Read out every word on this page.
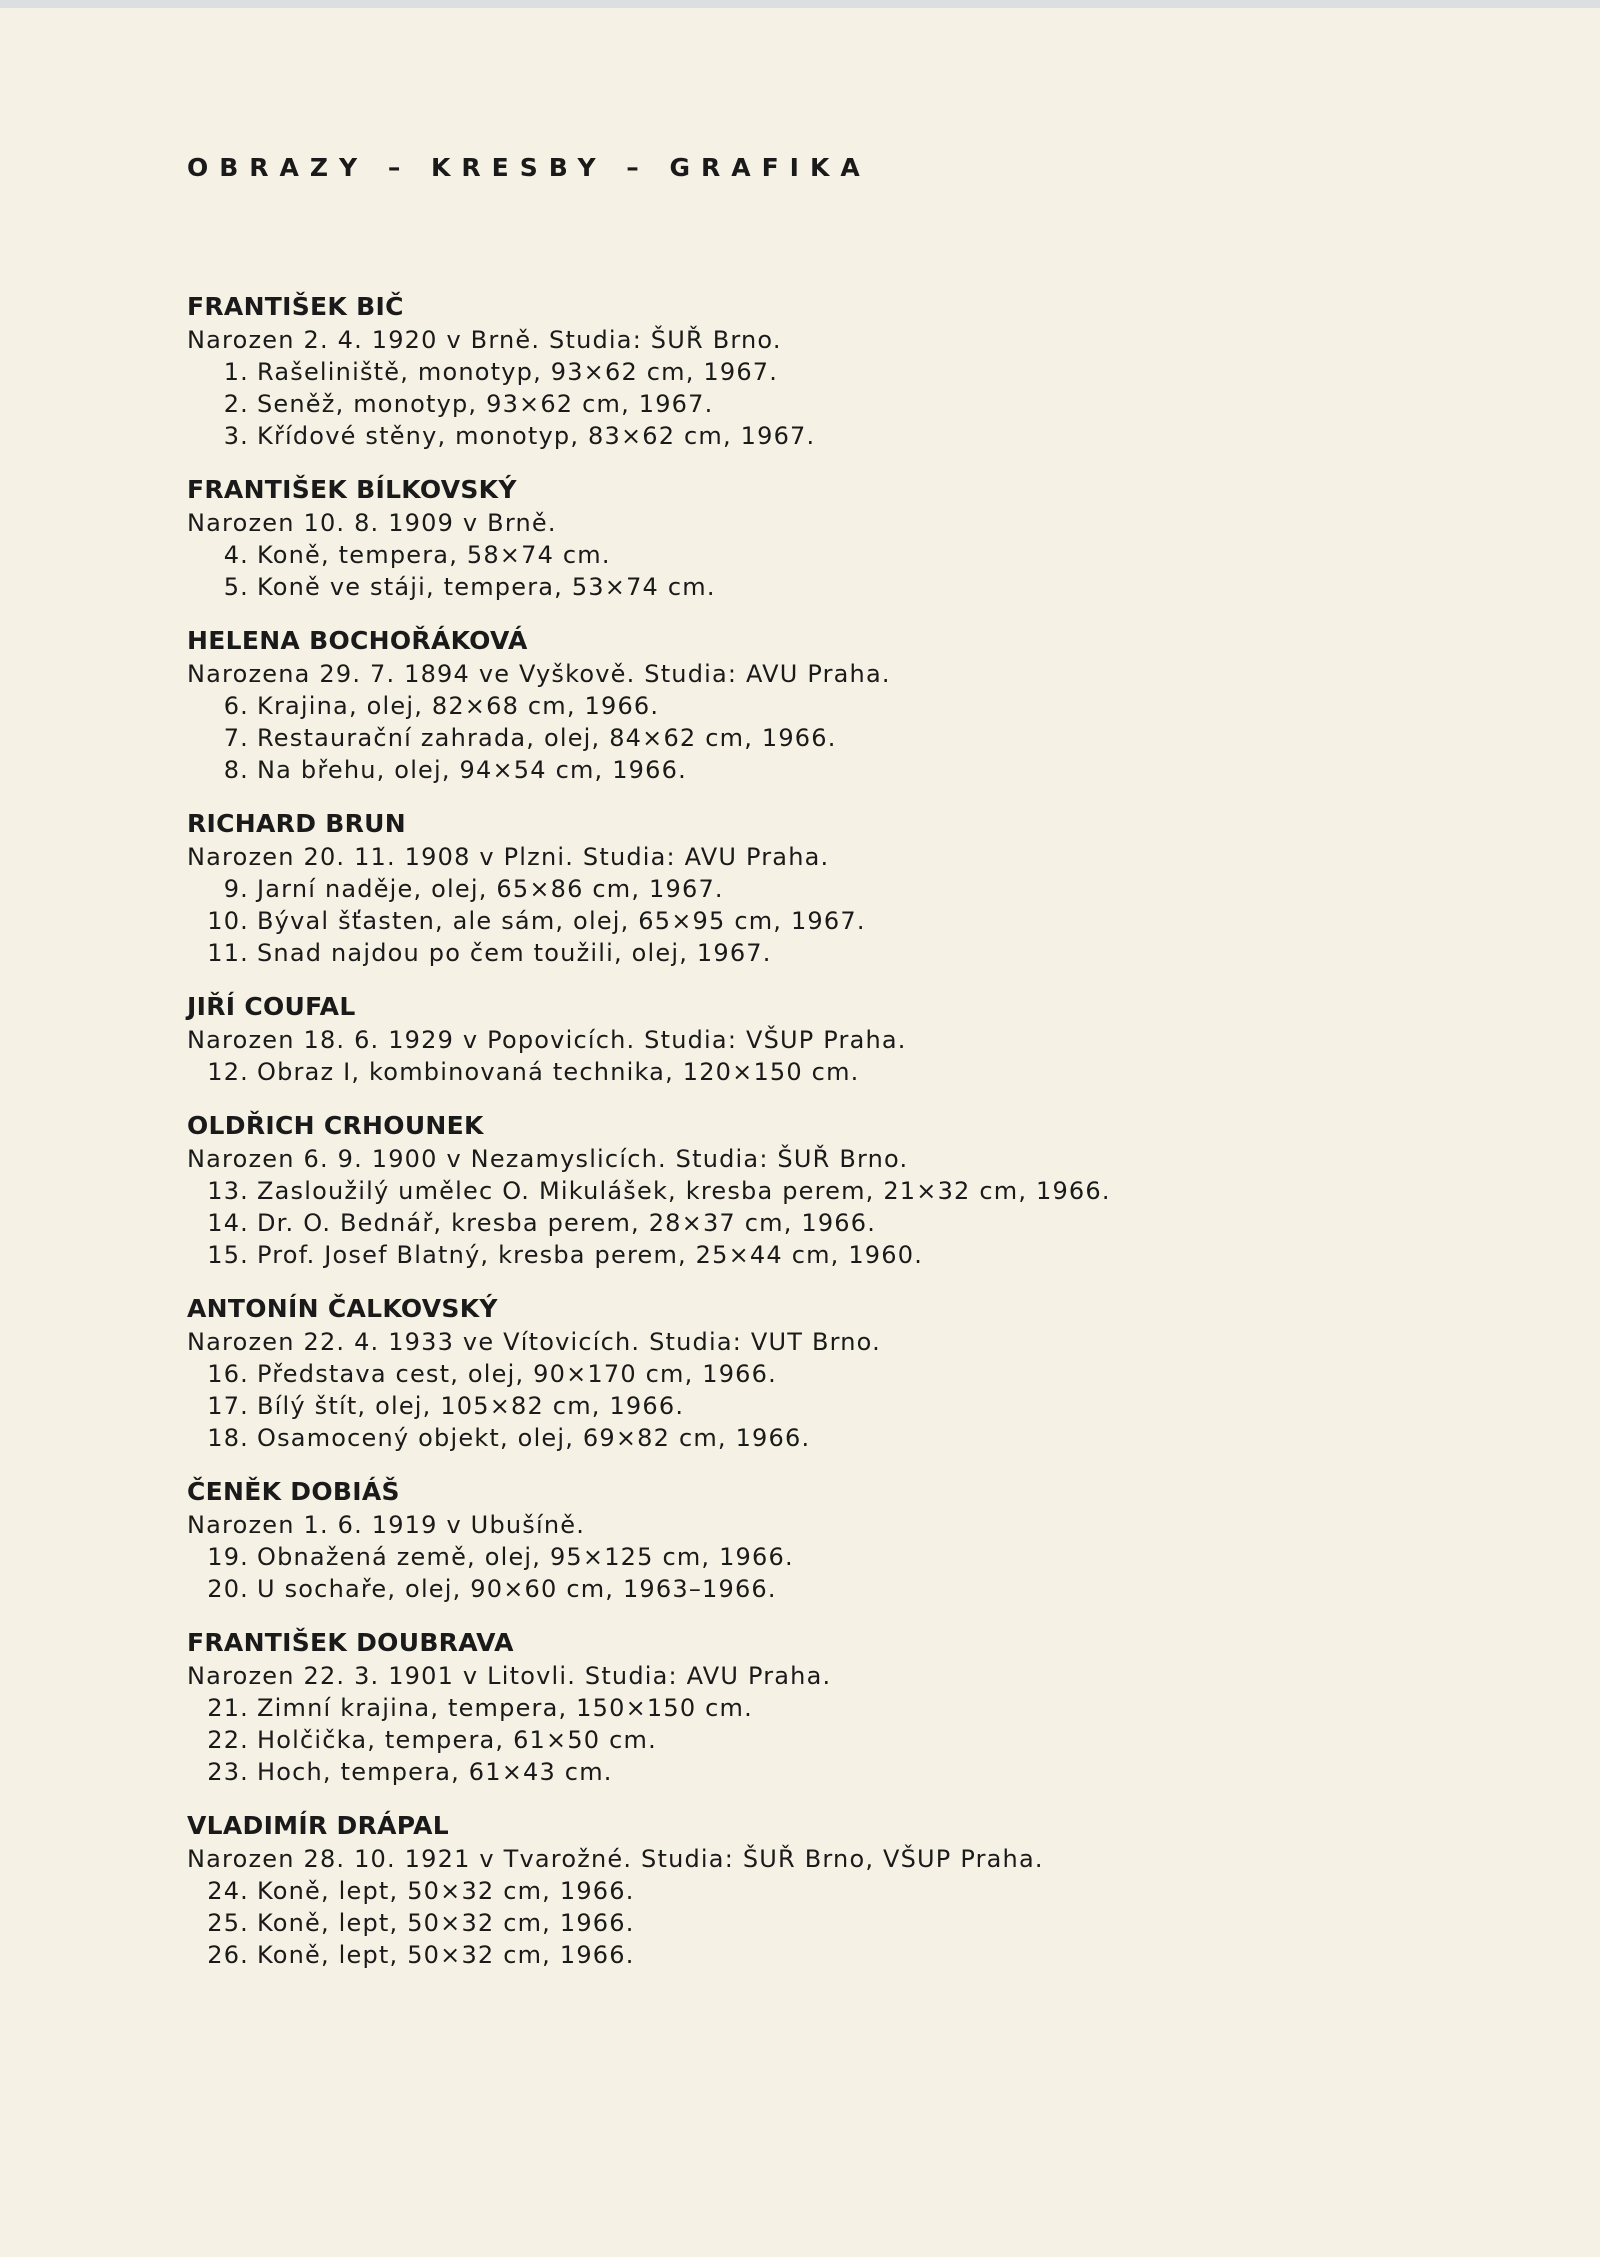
OBRAZY – KRESBY – GRAFIKA
FRANTIŠEK BIČ

Narozen 2. 4. 1920 v Brně. Studia: ŠUŘ Brno.

1. Rašeliniště, monotyp, 93×62 cm, 1967.
2. Seněž, monotyp, 93×62 cm, 1967.
3. Křídové stěny, monotyp, 83×62 cm, 1967.
FRANTIŠEK BÍLKOVSKÝ

Narozen 10. 8. 1909 v Brně.

4. Koně, tempera, 58×74 cm.
5. Koně ve stáji, tempera, 53×74 cm.
HELENA BOCHOŘÁKOVÁ

Narozena 29. 7. 1894 ve Vyškově. Studia: AVU Praha.

6. Krajina, olej, 82×68 cm, 1966.
7. Restaurační zahrada, olej, 84×62 cm, 1966.
8. Na břehu, olej, 94×54 cm, 1966.
RICHARD BRUN

Narozen 20. 11. 1908 v Plzni. Studia: AVU Praha.

9. Jarní naděje, olej, 65×86 cm, 1967.
10. Býval šťasten, ale sám, olej, 65×95 cm, 1967.
11. Snad najdou po čem toužili, olej, 1967.
JIŘÍ COUFAL

Narozen 18. 6. 1929 v Popovicích. Studia: VŠUP Praha.

12. Obraz I, kombinovaná technika, 120×150 cm.
OLDŘICH CRHOUNEK

Narozen 6. 9. 1900 v Nezamyslicích. Studia: ŠUŘ Brno.

13. Zasloužilý umělec O. Mikulášek, kresba perem, 21×32 cm, 1966.
14. Dr. O. Bednář, kresba perem, 28×37 cm, 1966.
15. Prof. Josef Blatný, kresba perem, 25×44 cm, 1960.
ANTONÍN ČALKOVSKÝ

Narozen 22. 4. 1933 ve Vítovicích. Studia: VUT Brno.

16. Představa cest, olej, 90×170 cm, 1966.
17. Bílý štít, olej, 105×82 cm, 1966.
18. Osamocený objekt, olej, 69×82 cm, 1966.
ČENĚK DOBIÁŠ

Narozen 1. 6. 1919 v Ubušíně.

19. Obnažená země, olej, 95×125 cm, 1966.
20. U sochaře, olej, 90×60 cm, 1963–1966.
FRANTIŠEK DOUBRAVA

Narozen 22. 3. 1901 v Litovli. Studia: AVU Praha.

21. Zimní krajina, tempera, 150×150 cm.
22. Holčička, tempera, 61×50 cm.
23. Hoch, tempera, 61×43 cm.
VLADIMÍR DRÁPAL

Narozen 28. 10. 1921 v Tvarožné. Studia: ŠUŘ Brno, VŠUP Praha.

24. Koně, lept, 50×32 cm, 1966.
25. Koně, lept, 50×32 cm, 1966.
26. Koně, lept, 50×32 cm, 1966.
